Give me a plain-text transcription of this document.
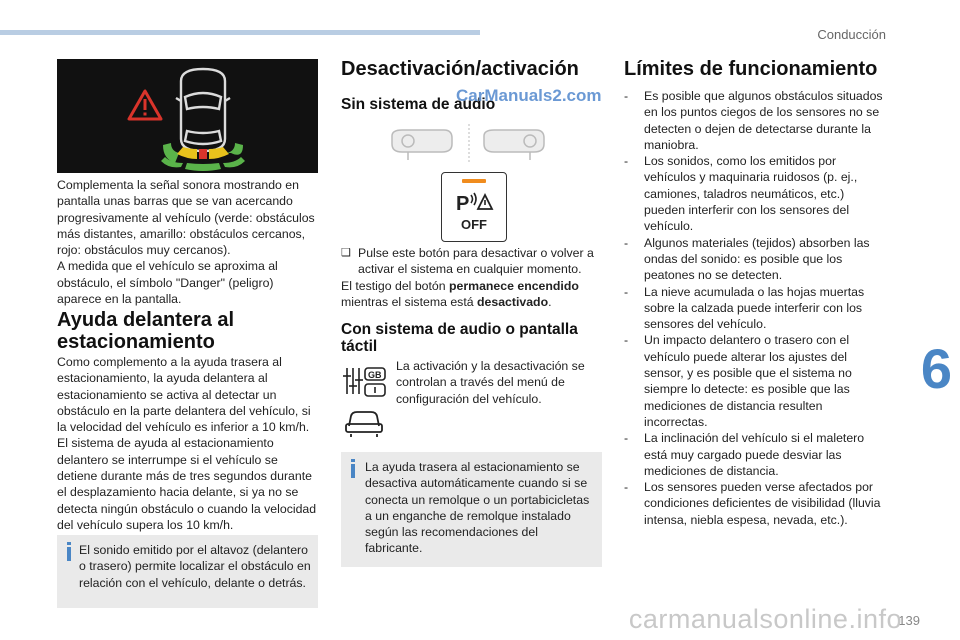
Conducción
6
139

Complementa la señal sonora mostrando en pantalla unas barras que se van acercando progresivamente al vehículo (verde: obstáculos más distantes, amarillo: obstáculos cercanos, rojo: obstáculos muy cercanos).

A medida que el vehículo se aproxima al obstáculo, el símbolo "Danger" (peligro) aparece en la pantalla.

Ayuda delantera al estacionamiento

Como complemento a la ayuda trasera al estacionamiento, la ayuda delantera al estacionamiento se activa al detectar un obstáculo en la parte delantera del vehículo, si la velocidad del vehículo es inferior a 10 km/h.

El sistema de ayuda al estacionamiento delantero se interrumpe si el vehículo se detiene durante más de tres segundos durante el desplazamiento hacia delante, si ya no se detecta ningún obstáculo o cuando la velocidad del vehículo supera los 10 km/h.

El sonido emitido por el altavoz (delantero o trasero) permite localizar el obstáculo en relación con el vehículo, delante o detrás.

Desactivación/activación
Sin sistema de audio
CarManuals2.com
P
OFF

❑ Pulse este botón para desactivar o volver a activar el sistema en cualquier momento.

El testigo del botón permanece encendido mientras el sistema está desactivado.

Con sistema de audio o pantalla táctil
GB

La activación y la desactivación se controlan a través del menú de configuración del vehículo.

La ayuda trasera al estacionamiento se desactiva automáticamente cuando si se conecta un remolque o un portabicicletas a un enganche de remolque instalado según las recomendaciones del fabricante.

Límites de funcionamiento
- Es posible que algunos obstáculos situados en los puntos ciegos de los sensores no se detecten o dejen de detectarse durante la maniobra.
- Los sonidos, como los emitidos por vehículos y maquinaria ruidosos (p. ej., camiones, taladros neumáticos, etc.) pueden interferir con los sensores del vehículo.
- Algunos materiales (tejidos) absorben las ondas del sonido: es posible que los peatones no se detecten.
- La nieve acumulada o las hojas muertas sobre la calzada puede interferir con los sensores del vehículo.
- Un impacto delantero o trasero con el vehículo puede alterar los ajustes del sensor, y es posible que el sistema no siempre lo detecte: es posible que las mediciones de distancia resulten incorrectas.
- La inclinación del vehículo si el maletero está muy cargado puede desviar las mediciones de distancia.
- Los sensores pueden verse afectados por condiciones deficientes de visibilidad (lluvia intensa, niebla espesa, nevada, etc.).
carmanualsonline.info
